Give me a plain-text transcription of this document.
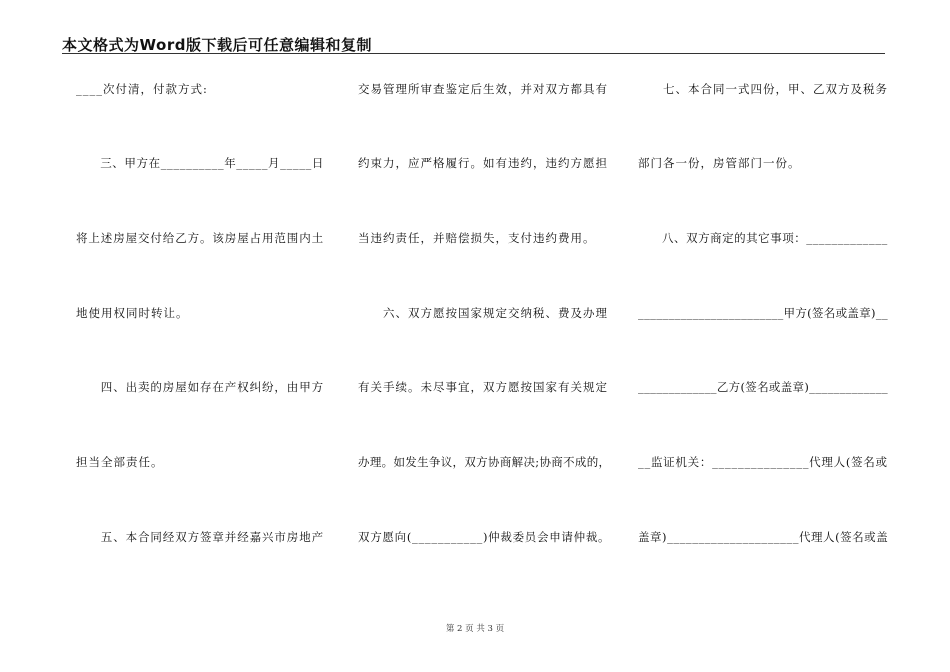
本文格式为Word版下载后可任意编辑和复制
____次付清，付款方式:
　　三、甲方在__________年_____月_____日
将上述房屋交付给乙方。该房屋占用范围内土
地使用权同时转让。
　　四、出卖的房屋如存在产权纠纷，由甲方
担当全部责任。
　　五、本合同经双方签章并经嘉兴市房地产
交易管理所审查鉴定后生效，并对双方都具有
约束力，应严格履行。如有违约，违约方愿担
当违约责任，并赔偿损失，支付违约费用。
　　六、双方愿按国家规定交纳税、费及办理
有关手续。未尽事宜，双方愿按国家有关规定
办理。如发生争议，双方协商解决;协商不成的，
双方愿向(___________)仲裁委员会申请仲裁。
　　七、本合同一式四份，甲、乙双方及税务
部门各一份，房管部门一份。
　　八、双方商定的其它事项：_____________
________________________甲方(签名或盖章)__
_____________乙方(签名或盖章)_____________
__监证机关：_______________代理人(签名或
盖章)_____________________代理人(签名或盖
第 2 页 共 3 页
